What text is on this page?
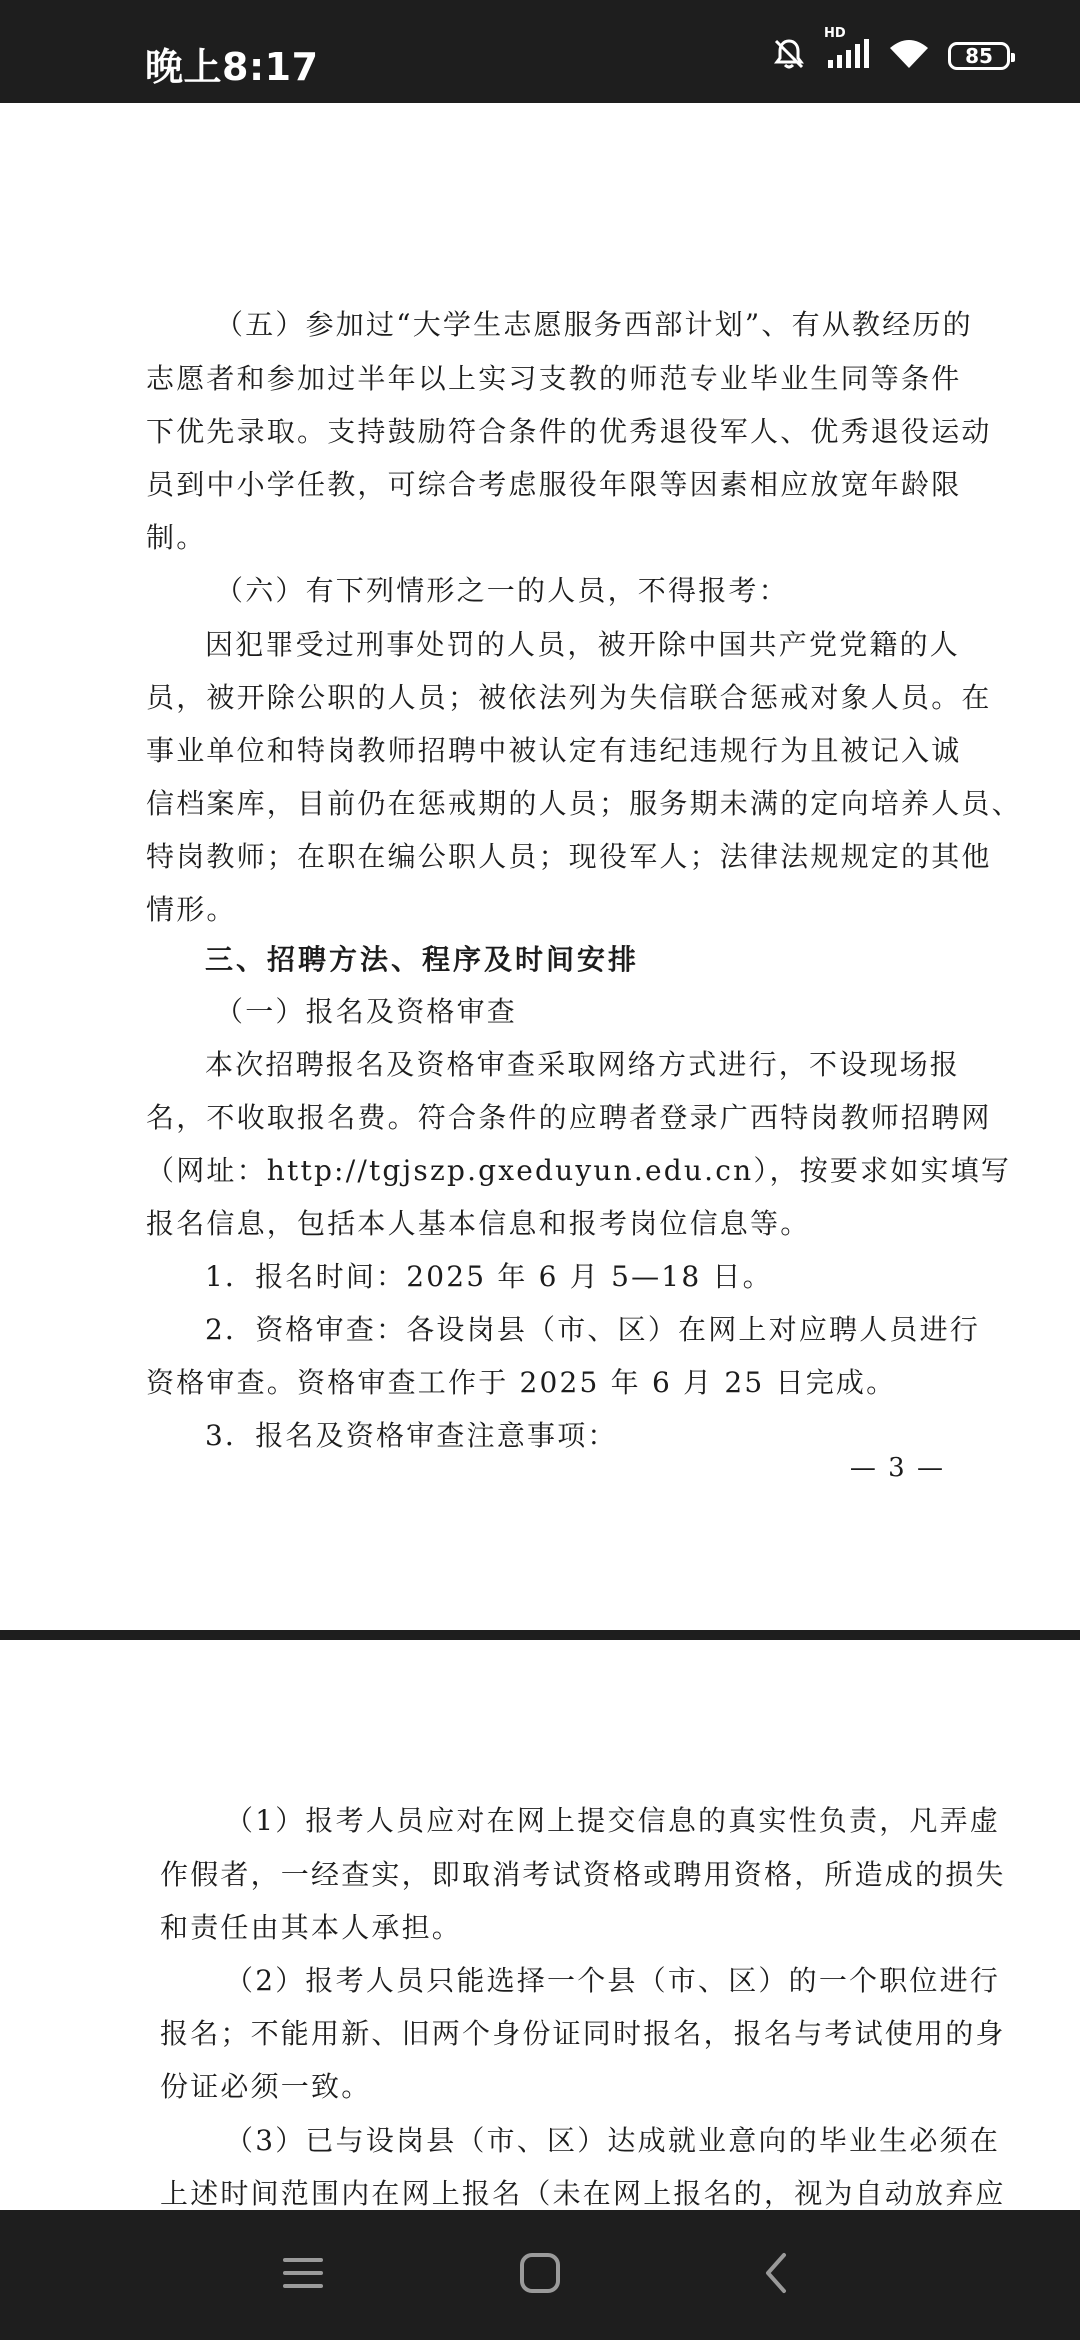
晚上8:17
HD
85
（五）参加过“大学生志愿服务西部计划”、有从教经历的
志愿者和参加过半年以上实习支教的师范专业毕业生同等条件
下优先录取。支持鼓励符合条件的优秀退役军人、优秀退役运动
员到中小学任教，可综合考虑服役年限等因素相应放宽年龄限
制。
（六）有下列情形之一的人员，不得报考：
因犯罪受过刑事处罚的人员，被开除中国共产党党籍的人
员，被开除公职的人员；被依法列为失信联合惩戒对象人员。在
事业单位和特岗教师招聘中被认定有违纪违规行为且被记入诚
信档案库，目前仍在惩戒期的人员；服务期未满的定向培养人员、
特岗教师；在职在编公职人员；现役军人；法律法规规定的其他
情形。
三、招聘方法、程序及时间安排
（一）报名及资格审查
本次招聘报名及资格审查采取网络方式进行，不设现场报
名，不收取报名费。符合条件的应聘者登录广西特岗教师招聘网
（网址：http://tgjszp.gxeduyun.edu.cn），按要求如实填写
报名信息，包括本人基本信息和报考岗位信息等。
1．报名时间：2025 年 6 月 5—18 日。
2．资格审查：各设岗县（市、区）在网上对应聘人员进行
资格审查。资格审查工作于 2025 年 6 月 25 日完成。
3．报名及资格审查注意事项：
— 3 —
（1）报考人员应对在网上提交信息的真实性负责，凡弄虚
作假者，一经查实，即取消考试资格或聘用资格，所造成的损失
和责任由其本人承担。
（2）报考人员只能选择一个县（市、区）的一个职位进行
报名；不能用新、旧两个身份证同时报名，报名与考试使用的身
份证必须一致。
（3）已与设岗县（市、区）达成就业意向的毕业生必须在
上述时间范围内在网上报名（未在网上报名的，视为自动放弃应
